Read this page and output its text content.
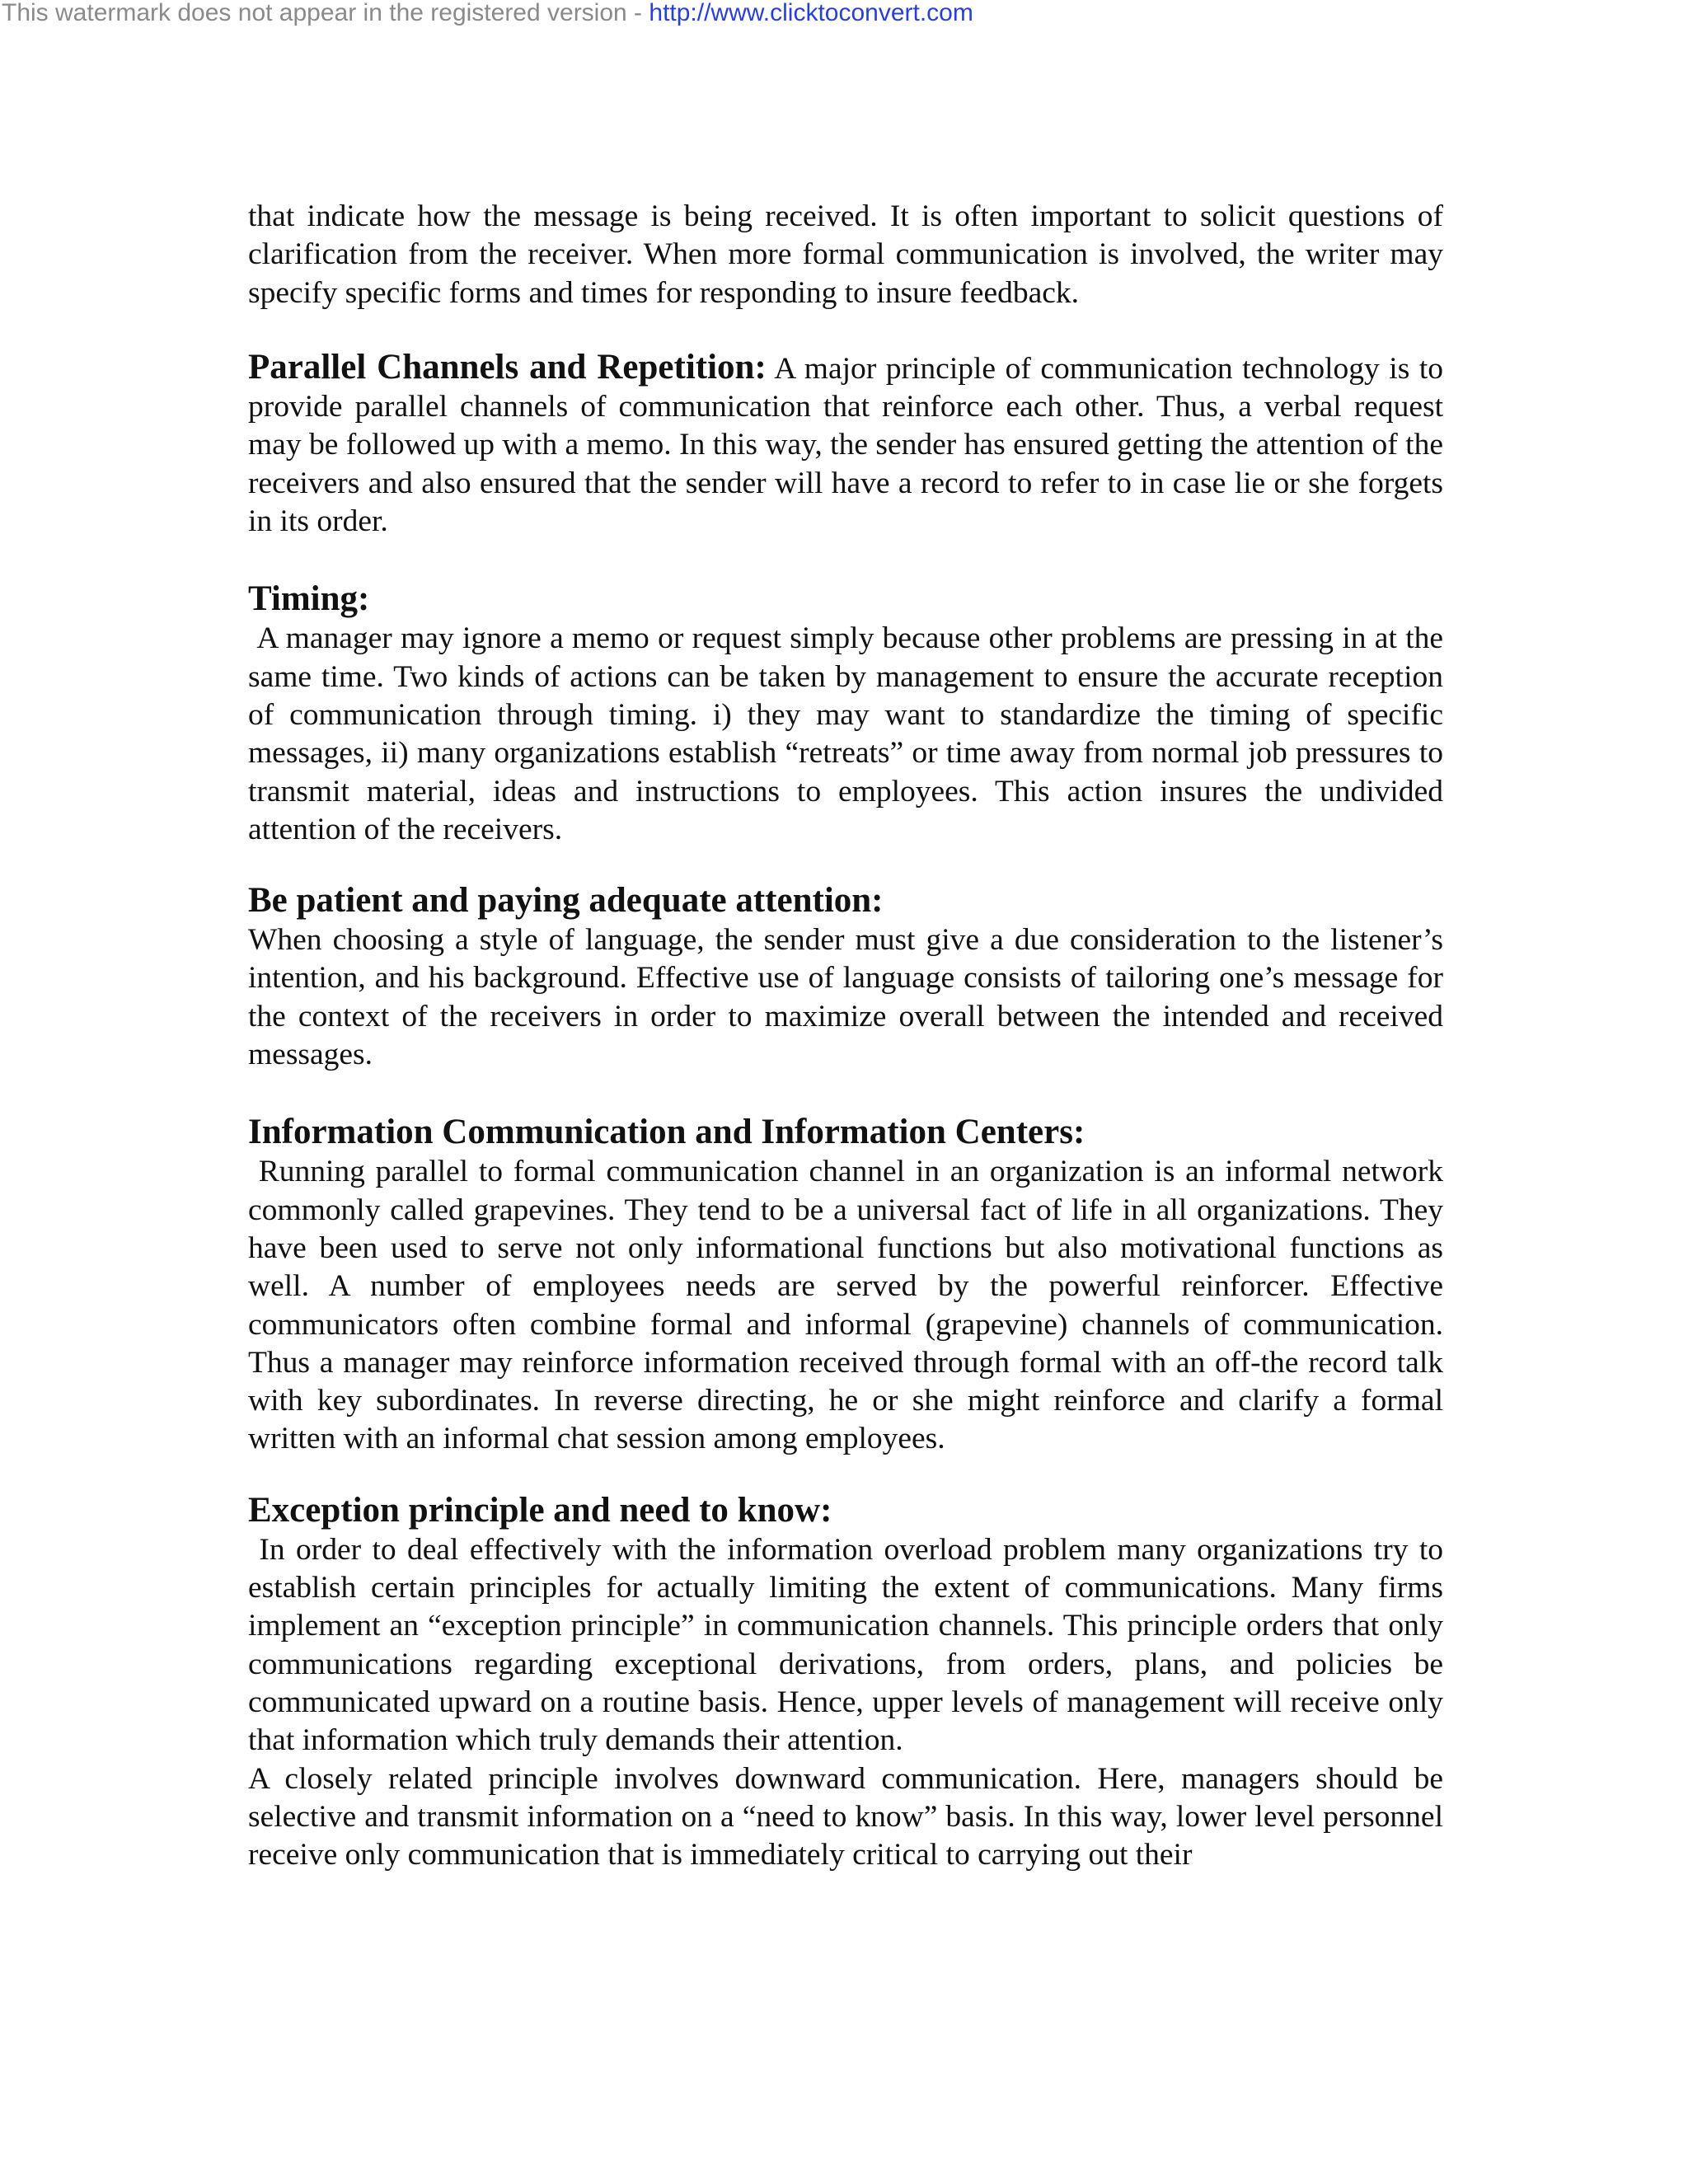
This watermark does not appear in the registered version - http://www.clicktoconvert.com

that indicate how the message is being received. It is often important to solicit questions of clarification from the receiver. When more formal communication is involved, the writer may specify specific forms and times for responding to insure feedback.

Parallel Channels and Repetition: A major principle of communication technology is to provide parallel channels of communication that reinforce each other. Thus, a verbal request may be followed up with a memo. In this way, the sender has ensured getting the attention of the receivers and also ensured that the sender will have a record to refer to in case lie or she forgets in its order.

Timing:

A manager may ignore a memo or request simply because other problems are pressing in at the same time. Two kinds of actions can be taken by management to ensure the accurate reception of communication through timing. i) they may want to standardize the timing of specific messages, ii) many organizations establish “retreats” or time away from normal job pressures to transmit material, ideas and instructions to employees. This action insures the undivided attention of the receivers.

Be patient and paying adequate attention:

When choosing a style of language, the sender must give a due consideration to the listener’s intention, and his background. Effective use of language consists of tailoring one’s message for the context of the receivers in order to maximize overall between the intended and received messages.

Information Communication and Information Centers:

Running parallel to formal communication channel in an organization is an informal network commonly called grapevines. They tend to be a universal fact of life in all organizations. They have been used to serve not only informational functions but also motivational functions as well. A number of employees needs are served by the powerful reinforcer. Effective communicators often combine formal and informal (grapevine) channels of communication. Thus a manager may reinforce information received through formal with an off-the record talk with key subordinates. In reverse directing, he or she might reinforce and clarify a formal written with an informal chat session among employees.

Exception principle and need to know:

In order to deal effectively with the information overload problem many organizations try to establish certain principles for actually limiting the extent of communications. Many firms implement an “exception principle” in communication channels. This principle orders that only communications regarding exceptional derivations, from orders, plans, and policies be communicated upward on a routine basis. Hence, upper levels of management will receive only that information which truly demands their attention.

A closely related principle involves downward communication. Here, managers should be selective and transmit information on a “need to know” basis. In this way, lower level personnel receive only communication that is immediately critical to carrying out their
